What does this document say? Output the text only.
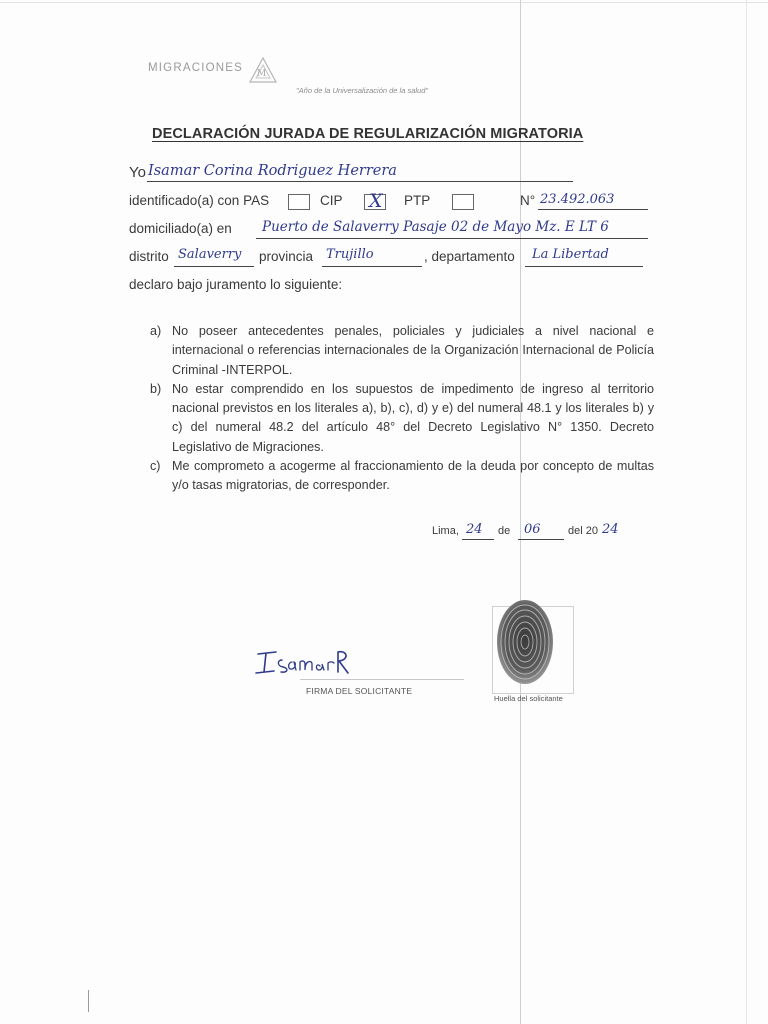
MIGRACIONES M
"Año de la Universalización de la salud"
DECLARACIÓN JURADA DE REGULARIZACIÓN MIGRATORIA
Yo Isamar Corina Rodriguez Herrera
identificado(a) con PAS	CIP X PTP	N° 23.492.063
domiciliado(a) en Puerto de Salaverry Pasaje 02 de Mayo Mz. E LT 6
distrito Salaverry provincia Trujillo	, departamento La Libertad
declaro bajo juramento lo siguiente:
a) No poseer antecedentes penales, policiales y judiciales a nivel nacional e internacional o referencias internacionales de la Organización Internacional de Policía Criminal -INTERPOL.
b) No estar comprendido en los supuestos de impedimento de ingreso al territorio nacional previstos en los literales a), b), c), d) y e) del numeral 48.1 y los literales b) y c) del numeral 48.2 del artículo 48° del Decreto Legislativo N° 1350. Decreto Legislativo de Migraciones.
c) Me comprometo a acogerme al fraccionamiento de la deuda por concepto de multas y/o tasas migratorias, de corresponder.
Lima, 24 de 06 del 20 24
FIRMA DEL SOLICITANTE
Huella del solicitante
